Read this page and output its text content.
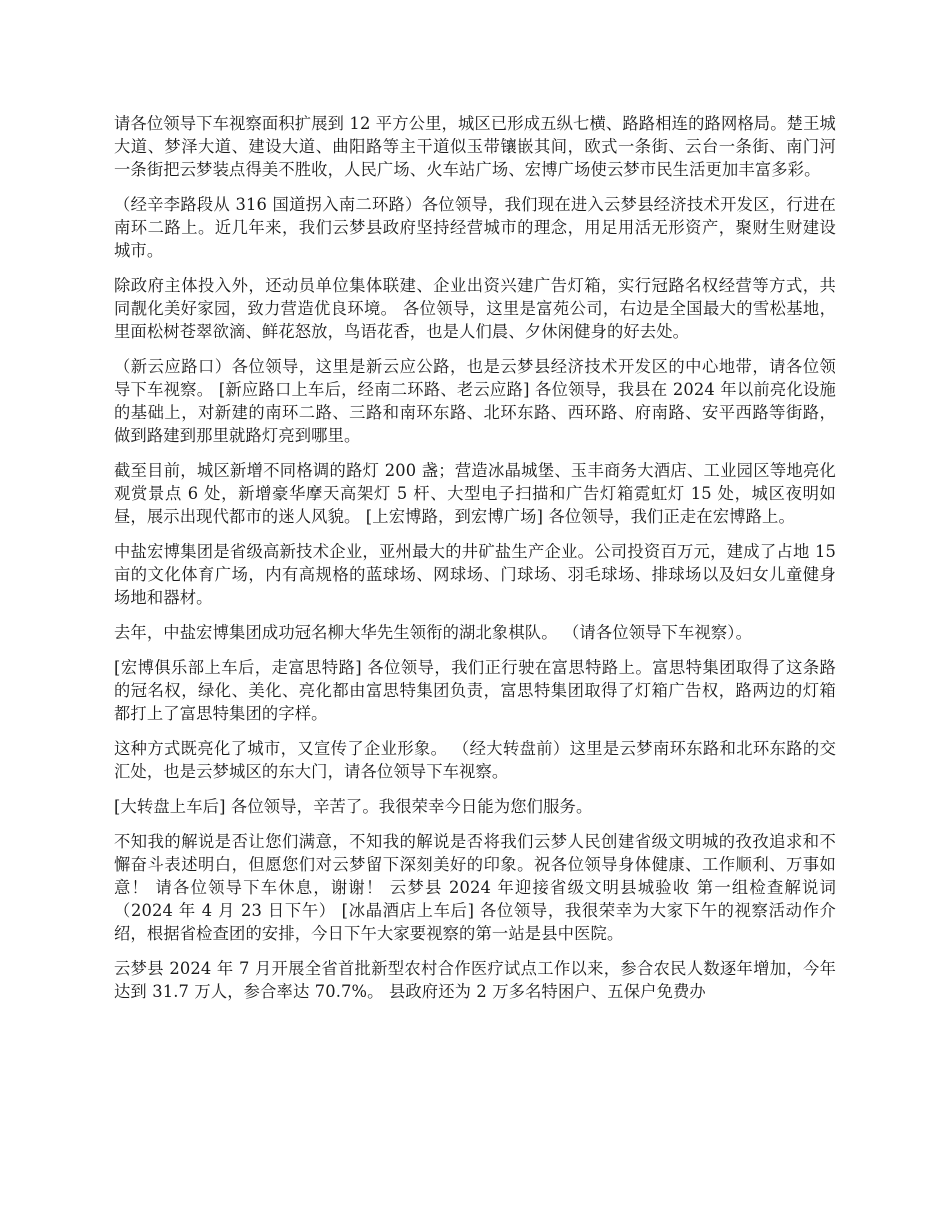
请各位领导下车视察面积扩展到 12 平方公里，城区已形成五纵七横、路路相连的路网格局。楚王城大道、梦泽大道、建设大道、曲阳路等主干道似玉带镶嵌其间，欧式一条街、云台一条街、南门河一条街把云梦装点得美不胜收，人民广场、火车站广场、宏博广场使云梦市民生活更加丰富多彩。

（经辛李路段从 316 国道拐入南二环路）各位领导，我们现在进入云梦县经济技术开发区，行进在南环二路上。近几年来，我们云梦县政府坚持经营城市的理念，用足用活无形资产，聚财生财建设城市。

除政府主体投入外，还动员单位集体联建、企业出资兴建广告灯箱，实行冠路名权经营等方式，共同靓化美好家园，致力营造优良环境。 各位领导，这里是富苑公司，右边是全国最大的雪松基地，里面松树苍翠欲滴、鲜花怒放，鸟语花香，也是人们晨、夕休闲健身的好去处。

（新云应路口）各位领导，这里是新云应公路，也是云梦县经济技术开发区的中心地带，请各位领导下车视察。 [新应路口上车后，经南二环路、老云应路] 各位领导，我县在 2024 年以前亮化设施的基础上，对新建的南环二路、三路和南环东路、北环东路、西环路、府南路、安平西路等街路，做到路建到那里就路灯亮到哪里。

截至目前，城区新增不同格调的路灯 200 盏；营造冰晶城堡、玉丰商务大酒店、工业园区等地亮化观赏景点 6 处，新增豪华摩天高架灯 5 杆、大型电子扫描和广告灯箱霓虹灯 15 处，城区夜明如昼，展示出现代都市的迷人风貌。 [上宏博路，到宏博广场] 各位领导，我们正走在宏博路上。

中盐宏博集团是省级高新技术企业，亚州最大的井矿盐生产企业。公司投资百万元，建成了占地 15 亩的文化体育广场，内有高规格的蓝球场、网球场、门球场、羽毛球场、排球场以及妇女儿童健身场地和器材。

去年，中盐宏博集团成功冠名柳大华先生领衔的湖北象棋队。 （请各位领导下车视察）。

[宏博俱乐部上车后，走富思特路] 各位领导，我们正行驶在富思特路上。富思特集团取得了这条路的冠名权，绿化、美化、亮化都由富思特集团负责，富思特集团取得了灯箱广告权，路两边的灯箱都打上了富思特集团的字样。

这种方式既亮化了城市，又宣传了企业形象。 （经大转盘前）这里是云梦南环东路和北环东路的交汇处，也是云梦城区的东大门，请各位领导下车视察。

[大转盘上车后] 各位领导，辛苦了。我很荣幸今日能为您们服务。

不知我的解说是否让您们满意，不知我的解说是否将我们云梦人民创建省级文明城的孜孜追求和不懈奋斗表述明白，但愿您们对云梦留下深刻美好的印象。祝各位领导身体健康、工作顺利、万事如意！ 请各位领导下车休息，谢谢！ 云梦县 2024 年迎接省级文明县城验收 第一组检查解说词 （2024 年 4 月 23 日下午） [冰晶酒店上车后] 各位领导，我很荣幸为大家下午的视察活动作介绍，根据省检查团的安排，今日下午大家要视察的第一站是县中医院。

云梦县 2024 年 7 月开展全省首批新型农村合作医疗试点工作以来，参合农民人数逐年增加，今年达到 31.7 万人，参合率达 70.7%。 县政府还为 2 万多名特困户、五保户免费办
